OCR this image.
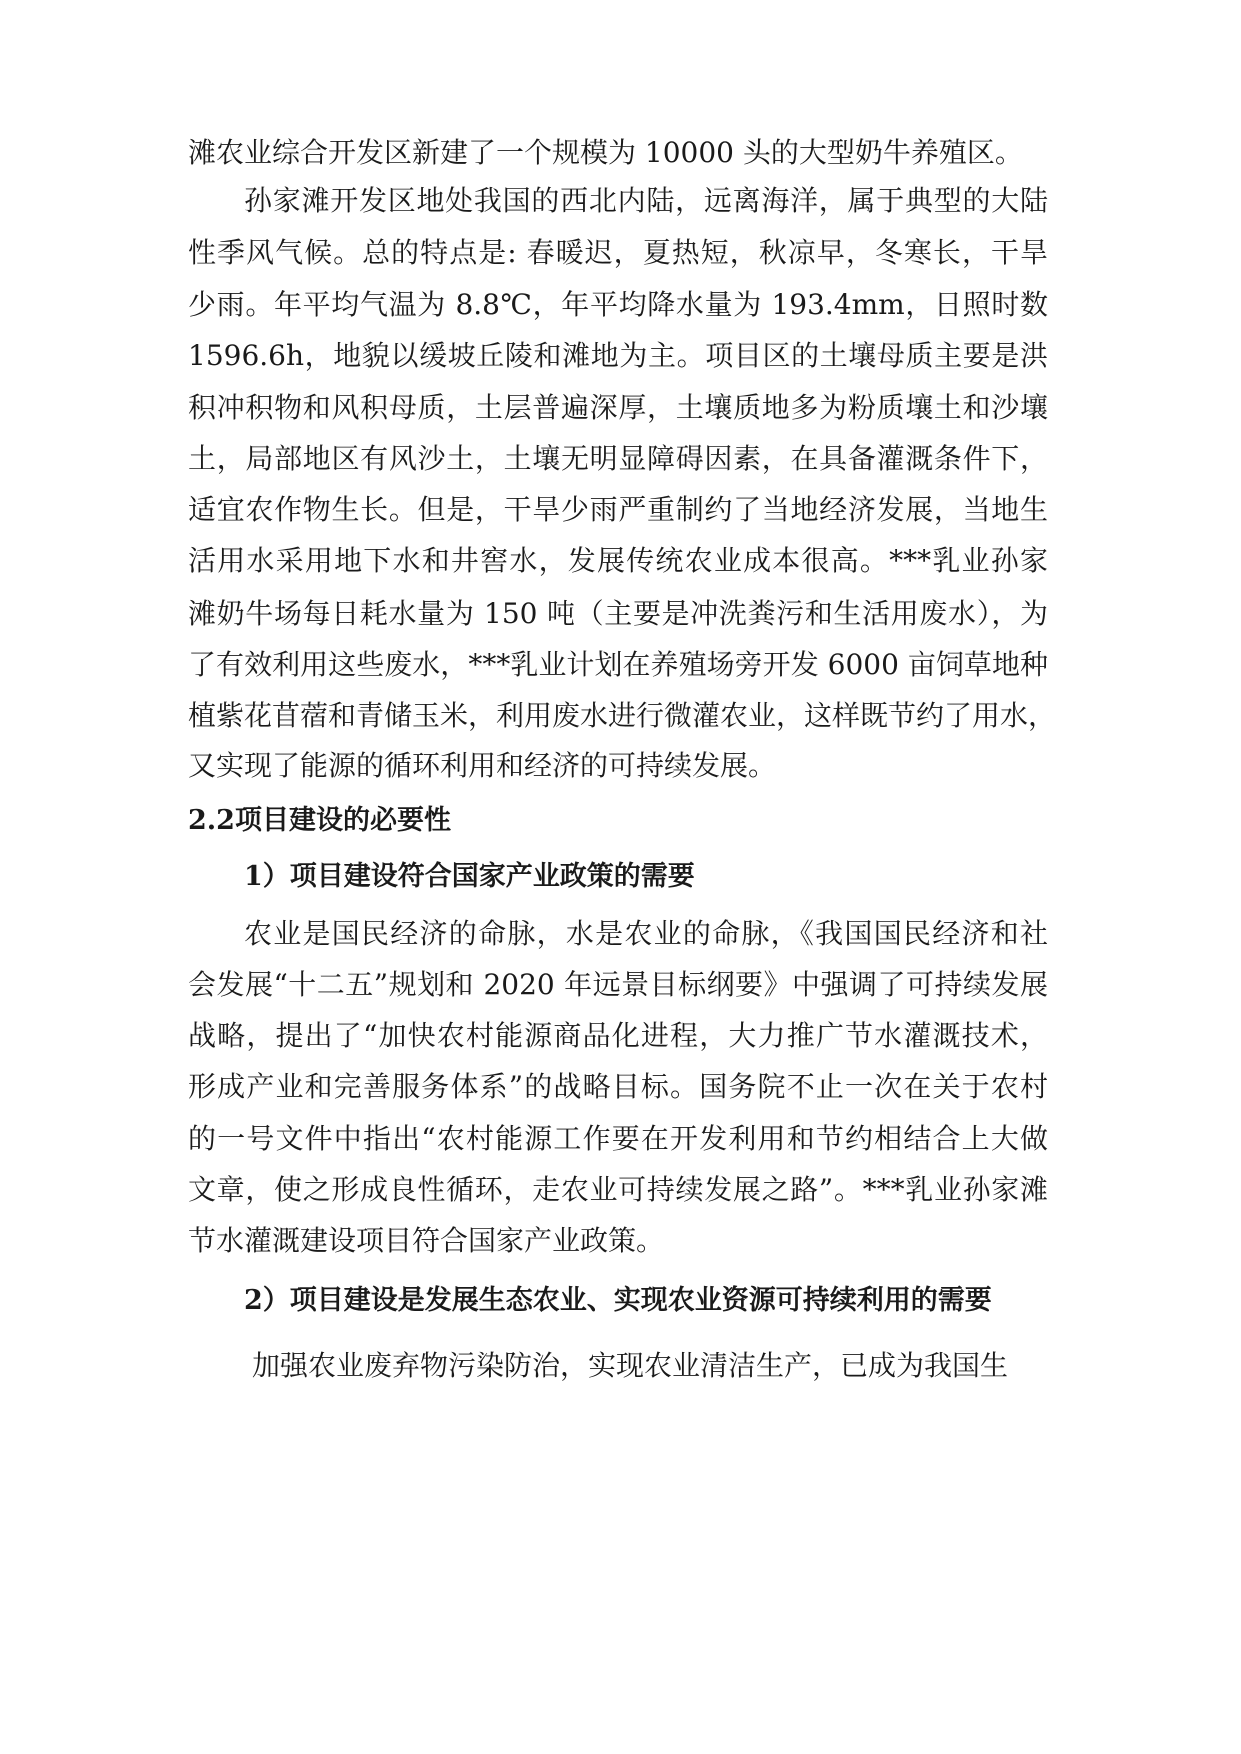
滩农业综合开发区新建了一个规模为 10000 头的大型奶牛养殖区。
孙家滩开发区地处我国的西北内陆，远离海洋，属于典型的大陆
性季风气候。总的特点是: 春暖迟，夏热短，秋凉早，冬寒长，干旱
少雨。年平均气温为 8.8℃，年平均降水量为 193.4mm，日照时数
1596.6h，地貌以缓坡丘陵和滩地为主。项目区的土壤母质主要是洪
积冲积物和风积母质，土层普遍深厚，土壤质地多为粉质壤土和沙壤
土，局部地区有风沙土，土壤无明显障碍因素，在具备灌溉条件下，
适宜农作物生长。但是，干旱少雨严重制约了当地经济发展，当地生
活用水采用地下水和井窖水，发展传统农业成本很高。***乳业孙家
滩奶牛场每日耗水量为 150 吨（主要是冲洗粪污和生活用废水），为
了有效利用这些废水，***乳业计划在养殖场旁开发 6000 亩饲草地种
植紫花苜蓿和青储玉米，利用废水进行微灌农业，这样既节约了用水，
又实现了能源的循环利用和经济的可持续发展。
2.2项目建设的必要性
1）项目建设符合国家产业政策的需要
农业是国民经济的命脉，水是农业的命脉，《我国国民经济和社
会发展“十二五”规划和 2020 年远景目标纲要》中强调了可持续发展
战略，提出了“加快农村能源商品化进程，大力推广节水灌溉技术，
形成产业和完善服务体系”的战略目标。国务院不止一次在关于农村
的一号文件中指出“农村能源工作要在开发利用和节约相结合上大做
文章，使之形成良性循环，走农业可持续发展之路”。***乳业孙家滩
节水灌溉建设项目符合国家产业政策。
2）项目建设是发展生态农业、实现农业资源可持续利用的需要
加强农业废弃物污染防治，实现农业清洁生产，已成为我国生
